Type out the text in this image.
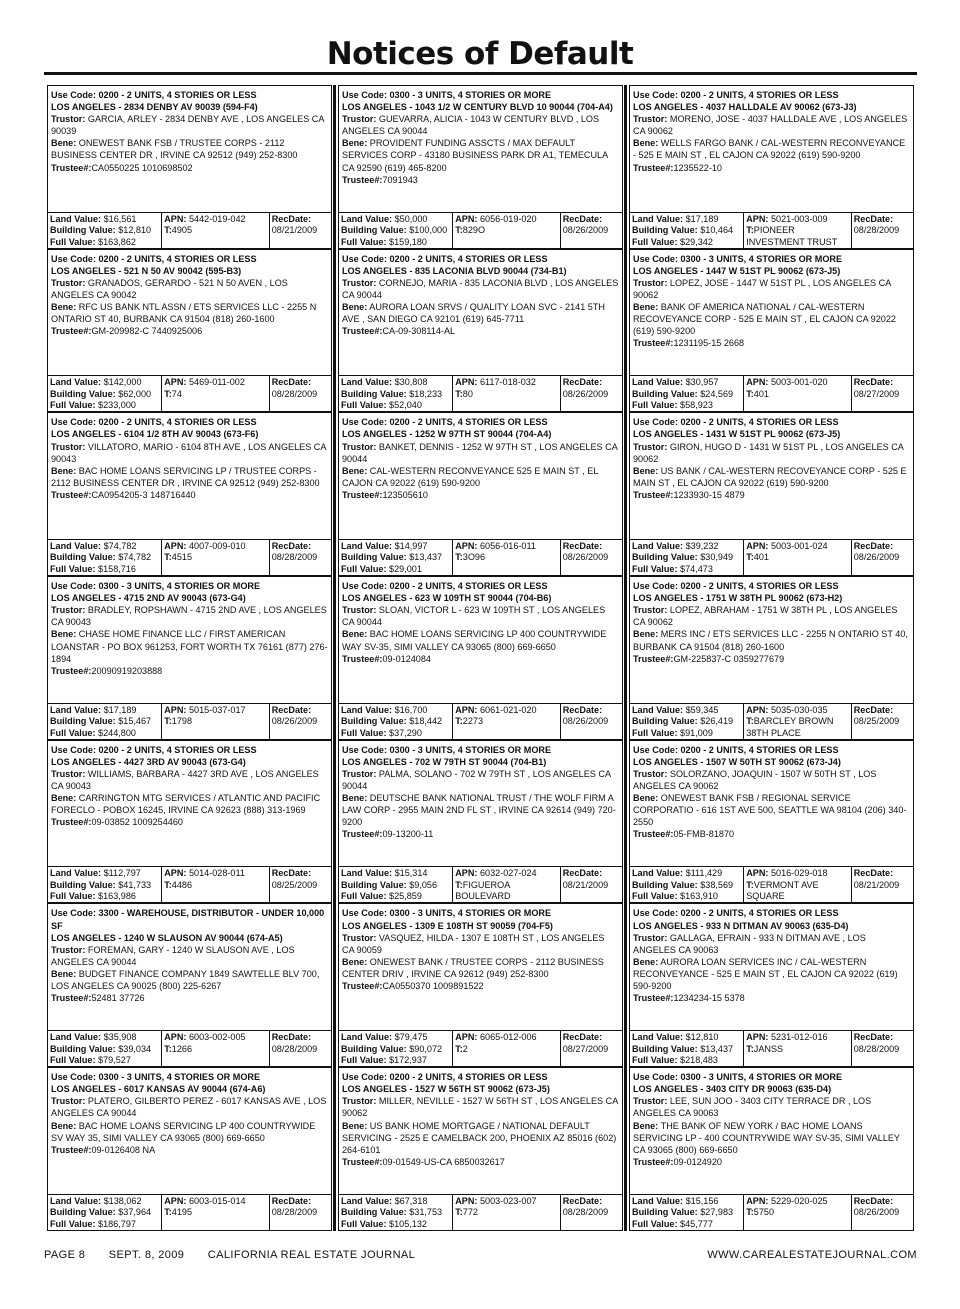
Notices of Default
Use Code: 0200 - 2 UNITS, 4 STORIES OR LESS
LOS ANGELES - 2834 DENBY AV 90039 (594-F4)
Trustor: GARCIA, ARLEY - 2834 DENBY AVE , LOS ANGELES CA 90039
Bene: ONEWEST BANK FSB / TRUSTEE CORPS - 2112 BUSINESS CENTER DR , IRVINE CA 92512 (949) 252-8300
Trustee#:CA0550225 1010698502
Land Value: $16,561
Building Value: $12,810
Full Value: $163,862
APN: 5442-019-042
T:4905
RecDate:
08/21/2009
Use Code: 0300 - 3 UNITS, 4 STORIES OR MORE
LOS ANGELES - 1043 1/2 W CENTURY BLVD 10 90044 (704-A4)
Trustor: GUEVARRA, ALICIA - 1043 W CENTURY BLVD , LOS ANGELES CA 90044
Bene: PROVIDENT FUNDING ASSCTS / MAX DEFAULT SERVICES CORP - 43180 BUSINESS PARK DR A1, TEMECULA CA 92590 (619) 465-8200
Trustee#:7091943
Land Value: $50,000
Building Value: $100,000
Full Value: $159,180
APN: 6056-019-020
T:829O
RecDate:
08/26/2009
Use Code: 0200 - 2 UNITS, 4 STORIES OR LESS
LOS ANGELES - 4037 HALLDALE AV 90062 (673-J3)
Trustor: MORENO, JOSE - 4037 HALLDALE AVE , LOS ANGELES CA 90062
Bene: WELLS FARGO BANK / CAL-WESTERN RECONVEYANCE - 525 E MAIN ST , EL CAJON CA 92022 (619) 590-9200
Trustee#:1235522-10
Land Value: $17,189
Building Value: $10,464
Full Value: $29,342
APN: 5021-003-009
T:PIONEER INVESTMENT TRUST
RecDate:
08/28/2009
Use Code: 0200 - 2 UNITS, 4 STORIES OR LESS
LOS ANGELES - 521 N 50 AV 90042 (595-B3)
Trustor: GRANADOS, GERARDO - 521 N 50 AVEN , LOS ANGELES CA 90042
Bene: RFC US BANK NTL ASSN / ETS SERVICES LLC - 2255 N ONTARIO ST 40, BURBANK CA 91504 (818) 260-1600
Trustee#:GM-209982-C 7440925006
Land Value: $142,000
Building Value: $62,000
Full Value: $233,000
APN: 5469-011-002
T:74
RecDate:
08/28/2009
Use Code: 0200 - 2 UNITS, 4 STORIES OR LESS
LOS ANGELES - 835 LACONIA BLVD 90044 (734-B1)
Trustor: CORNEJO, MARIA - 835 LACONIA BLVD , LOS ANGELES CA 90044
Bene: AURORA LOAN SRVS / QUALITY LOAN SVC - 2141 5TH AVE , SAN DIEGO CA 92101 (619) 645-7711
Trustee#:CA-09-308114-AL
Land Value: $30,808
Building Value: $18,233
Full Value: $52,040
APN: 6117-018-032
T:80
RecDate:
08/26/2009
Use Code: 0300 - 3 UNITS, 4 STORIES OR MORE
LOS ANGELES - 1447 W 51ST PL 90062 (673-J5)
Trustor: LOPEZ, JOSE - 1447 W 51ST PL , LOS ANGELES CA 90062
Bene: BANK OF AMERICA NATIONAL / CAL-WESTERN RECOVEYANCE CORP - 525 E MAIN ST , EL CAJON CA 92022 (619) 590-9200
Trustee#:1231195-15 2668
Land Value: $30,957
Building Value: $24,569
Full Value: $58,923
APN: 5003-001-020
T:401
RecDate:
08/27/2009
Use Code: 0200 - 2 UNITS, 4 STORIES OR LESS
LOS ANGELES - 6104 1/2 8TH AV 90043 (673-F6)
Trustor: VILLATORO, MARIO - 6104 8TH AVE , LOS ANGELES CA 90043
Bene: BAC HOME LOANS SERVICING LP / TRUSTEE CORPS - 2112 BUSINESS CENTER DR , IRVINE CA 92512 (949) 252-8300
Trustee#:CA0954205-3 148716440
Land Value: $74,782
Building Value: $74,782
Full Value: $158,716
APN: 4007-009-010
T:4515
RecDate:
08/28/2009
Use Code: 0200 - 2 UNITS, 4 STORIES OR LESS
LOS ANGELES - 1252 W 97TH ST 90044 (704-A4)
Trustor: BANKET, DENNIS - 1252 W 97TH ST , LOS ANGELES CA 90044
Bene: CAL-WESTERN RECONVEYANCE 525 E MAIN ST , EL CAJON CA 92022 (619) 590-9200
Trustee#:123505610
Land Value: $14,997
Building Value: $13,437
Full Value: $29,001
APN: 6056-016-011
T:3O96
RecDate:
08/26/2009
Use Code: 0200 - 2 UNITS, 4 STORIES OR LESS
LOS ANGELES - 1431 W 51ST PL 90062 (673-J5)
Trustor: GIRON, HUGO D - 1431 W 51ST PL , LOS ANGELES CA 90062
Bene: US BANK / CAL-WESTERN RECOVEYANCE CORP - 525 E MAIN ST , EL CAJON CA 92022 (619) 590-9200
Trustee#:1233930-15 4879
Land Value: $39,232
Building Value: $30,949
Full Value: $74,473
APN: 5003-001-024
T:401
RecDate:
08/26/2009
Use Code: 0300 - 3 UNITS, 4 STORIES OR MORE
LOS ANGELES - 4715 2ND AV 90043 (673-G4)
Trustor: BRADLEY, ROPSHAWN - 4715 2ND AVE , LOS ANGELES CA 90043
Bene: CHASE HOME FINANCE LLC / FIRST AMERICAN LOANSTAR - PO BOX 961253, FORT WORTH TX 76161 (877) 276-1894
Trustee#:20090919203888
Land Value: $17,189
Building Value: $15,467
Full Value: $244,800
APN: 5015-037-017
T:1798
RecDate:
08/26/2009
Use Code: 0200 - 2 UNITS, 4 STORIES OR LESS
LOS ANGELES - 623 W 109TH ST 90044 (704-B6)
Trustor: SLOAN, VICTOR L - 623 W 109TH ST , LOS ANGELES CA 90044
Bene: BAC HOME LOANS SERVICING LP 400 COUNTRYWIDE WAY SV-35, SIMI VALLEY CA 93065 (800) 669-6650
Trustee#:09-0124084
Land Value: $16,700
Building Value: $18,442
Full Value: $37,290
APN: 6061-021-020
T:2273
RecDate:
08/26/2009
Use Code: 0200 - 2 UNITS, 4 STORIES OR LESS
LOS ANGELES - 1751 W 38TH PL 90062 (673-H2)
Trustor: LOPEZ, ABRAHAM - 1751 W 38TH PL , LOS ANGELES CA 90062
Bene: MERS INC / ETS SERVICES LLC - 2255 N ONTARIO ST 40, BURBANK CA 91504 (818) 260-1600
Trustee#:GM-225837-C 0359277679
Land Value: $59,345
Building Value: $26,419
Full Value: $91,009
APN: 5035-030-035
T:BARCLEY BROWN 38TH PLACE
RecDate:
08/25/2009
Use Code: 0200 - 2 UNITS, 4 STORIES OR LESS
LOS ANGELES - 4427 3RD AV 90043 (673-G4)
Trustor: WILLIAMS, BARBARA - 4427 3RD AVE , LOS ANGELES CA 90043
Bene: CARRINGTON MTG SERVICES / ATLANTIC AND PACIFIC FORECLO - POBOX 16245, IRVINE CA 92623 (888) 313-1969
Trustee#:09-03852 1009254460
Land Value: $112,797
Building Value: $41,733
Full Value: $163,986
APN: 5014-028-011
T:4486
RecDate:
08/25/2009
Use Code: 0300 - 3 UNITS, 4 STORIES OR MORE
LOS ANGELES - 702 W 79TH ST 90044 (704-B1)
Trustor: PALMA, SOLANO - 702 W 79TH ST , LOS ANGELES CA 90044
Bene: DEUTSCHE BANK NATIONAL TRUST / THE WOLF FIRM A LAW CORP - 2955 MAIN 2ND FL ST , IRVINE CA 92614 (949) 720-9200
Trustee#:09-13200-11
Land Value: $15,314
Building Value: $9,056
Full Value: $25,859
APN: 6032-027-024
T:FIGUEROA BOULEVARD
RecDate:
08/21/2009
Use Code: 0200 - 2 UNITS, 4 STORIES OR LESS
LOS ANGELES - 1507 W 50TH ST 90062 (673-J4)
Trustor: SOLORZANO, JOAQUIN - 1507 W 50TH ST , LOS ANGELES CA 90062
Bene: ONEWEST BANK FSB / REGIONAL SERVICE CORPORATIO - 616 1ST AVE 500, SEATTLE WA 98104 (206) 340-2550
Trustee#:05-FMB-81870
Land Value: $111,429
Building Value: $38,569
Full Value: $163,910
APN: 5016-029-018
T:VERMONT AVE SQUARE
RecDate:
08/21/2009
Use Code: 3300 - WAREHOUSE, DISTRIBUTOR - UNDER 10,000 SF
LOS ANGELES - 1240 W SLAUSON AV 90044 (674-A5)
Trustor: FOREMAN, GARY - 1240 W SLAUSON AVE , LOS ANGELES CA 90044
Bene: BUDGET FINANCE COMPANY 1849 SAWTELLE BLV 700, LOS ANGELES CA 90025 (800) 225-6267
Trustee#:52481 37726
Land Value: $35,908
Building Value: $39,034
Full Value: $79,527
APN: 6003-002-005
T:1266
RecDate:
08/28/2009
Use Code: 0300 - 3 UNITS, 4 STORIES OR MORE
LOS ANGELES - 1309 E 108TH ST 90059 (704-F5)
Trustor: VASQUEZ, HILDA - 1307 E 108TH ST , LOS ANGELES CA 90059
Bene: ONEWEST BANK / TRUSTEE CORPS - 2112 BUSINESS CENTER DRIV , IRVINE CA 92612 (949) 252-8300
Trustee#:CA0550370 1009891522
Land Value: $79,475
Building Value: $90,072
Full Value: $172,937
APN: 6065-012-006
T:2
RecDate:
08/27/2009
Use Code: 0200 - 2 UNITS, 4 STORIES OR LESS
LOS ANGELES - 933 N DITMAN AV 90063 (635-D4)
Trustor: GALLAGA, EFRAIN - 933 N DITMAN AVE , LOS ANGELES CA 90063
Bene: AURORA LOAN SERVICES INC / CAL-WESTERN RECONVEYANCE - 525 E MAIN ST , EL CAJON CA 92022 (619) 590-9200
Trustee#:1234234-15 5378
Land Value: $12,810
Building Value: $13,437
Full Value: $218,483
APN: 5231-012-016
T:JANSS
RecDate:
08/28/2009
Use Code: 0300 - 3 UNITS, 4 STORIES OR MORE
LOS ANGELES - 6017 KANSAS AV 90044 (674-A6)
Trustor: PLATERO, GILBERTO PEREZ - 6017 KANSAS AVE , LOS ANGELES CA 90044
Bene: BAC HOME LOANS SERVICING LP 400 COUNTRYWIDE SV WAY 35, SIMI VALLEY CA 93065 (800) 669-6650
Trustee#:09-0126408 NA
Land Value: $138,062
Building Value: $37,964
Full Value: $186,797
APN: 6003-015-014
T:4195
RecDate:
08/28/2009
Use Code: 0200 - 2 UNITS, 4 STORIES OR LESS
LOS ANGELES - 1527 W 56TH ST 90062 (673-J5)
Trustor: MILLER, NEVILLE - 1527 W 56TH ST , LOS ANGELES CA 90062
Bene: US BANK HOME MORTGAGE / NATIONAL DEFAULT SERVICING - 2525 E CAMELBACK 200, PHOENIX AZ 85016 (602) 264-6101
Trustee#:09-01549-US-CA 6850032617
Land Value: $67,318
Building Value: $31,753
Full Value: $105,132
APN: 5003-023-007
T:772
RecDate:
08/28/2009
Use Code: 0300 - 3 UNITS, 4 STORIES OR MORE
LOS ANGELES - 3403 CITY DR 90063 (635-D4)
Trustor: LEE, SUN JOO - 3403 CITY TERRACE DR , LOS ANGELES CA 90063
Bene: THE BANK OF NEW YORK / BAC HOME LOANS SERVICING LP - 400 COUNTRYWIDE WAY SV-35, SIMI VALLEY CA 93065 (800) 669-6650
Trustee#:09-0124920
Land Value: $15,156
Building Value: $27,983
Full Value: $45,777
APN: 5229-020-025
T:5750
RecDate:
08/26/2009
PAGE 8 SEPT. 8, 2009 CALIFORNIA REAL ESTATE JOURNAL	WWW.CAREALESTATEJOURNAL.COM
